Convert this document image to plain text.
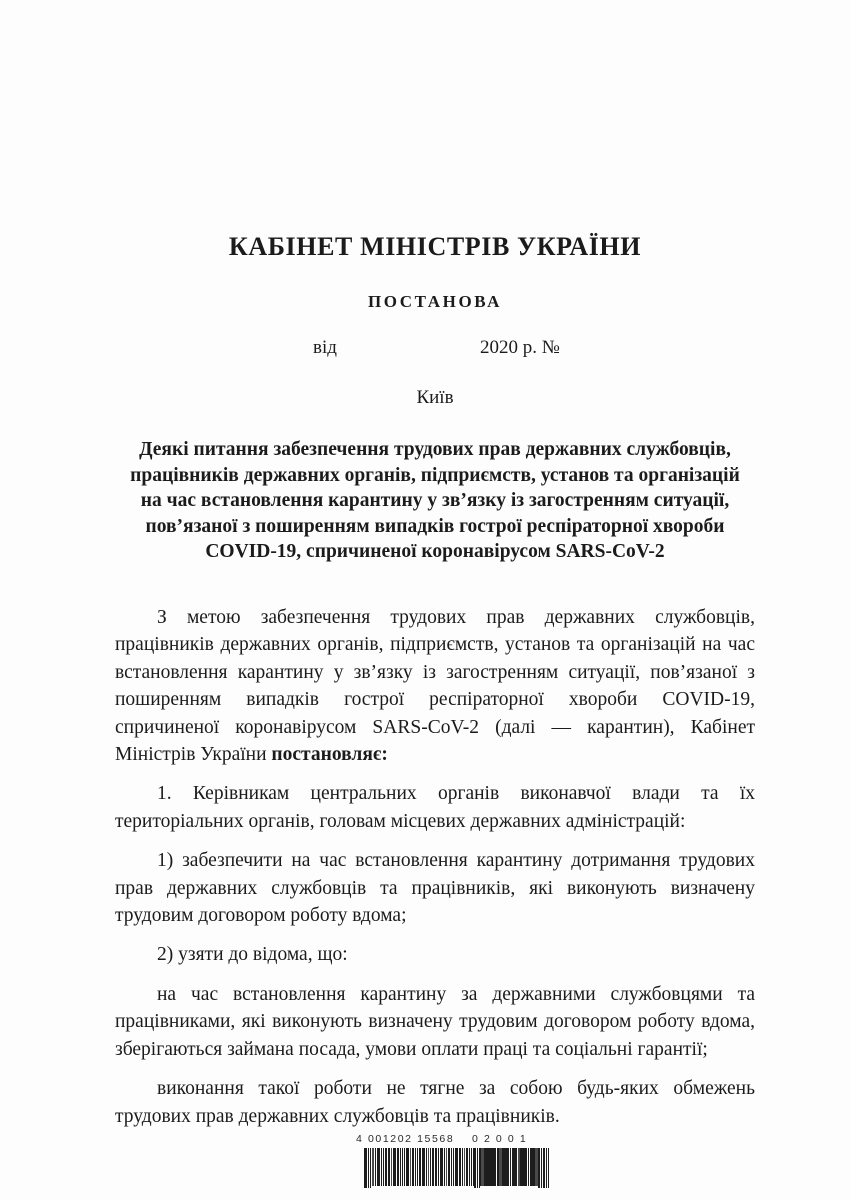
КАБІНЕТ МІНІСТРІВ УКРАЇНИ
ПОСТАНОВА
від	2020 р. №
Київ
Деякі питання забезпечення трудових прав державних службовців,
працівників державних органів, підприємств, установ та організацій
на час встановлення карантину у зв’язку із загостренням ситуації,
пов’язаної з поширенням випадків гострої респіраторної хвороби
COVID-19, спричиненої коронавірусом SARS-CoV-2

З метою забезпечення трудових прав державних службовців, працівників державних органів, підприємств, установ та організацій на час встановлення карантину у зв’язку із загостренням ситуації, пов’язаної з поширенням випадків гострої респіраторної хвороби COVID-19, спричиненої коронавірусом SARS-CoV-2 (далі — карантин), Кабінет Міністрів України постановляє:

1. Керівникам центральних органів виконавчої влади та їх територіальних органів, головам місцевих державних адміністрацій:

1) забезпечити на час встановлення карантину дотримання трудових прав державних службовців та працівників, які виконують визначену трудовим договором роботу вдома;

2) узяти до відома, що:

на час встановлення карантину за державними службовцями та працівниками, які виконують визначену трудовим договором роботу вдома, зберігаються займана посада, умови оплати праці та соціальні гарантії;

виконання такої роботи не тягне за собою будь-яких обмежень трудових прав державних службовців та працівників.

4 001202 15568 0 2 0 0 1
